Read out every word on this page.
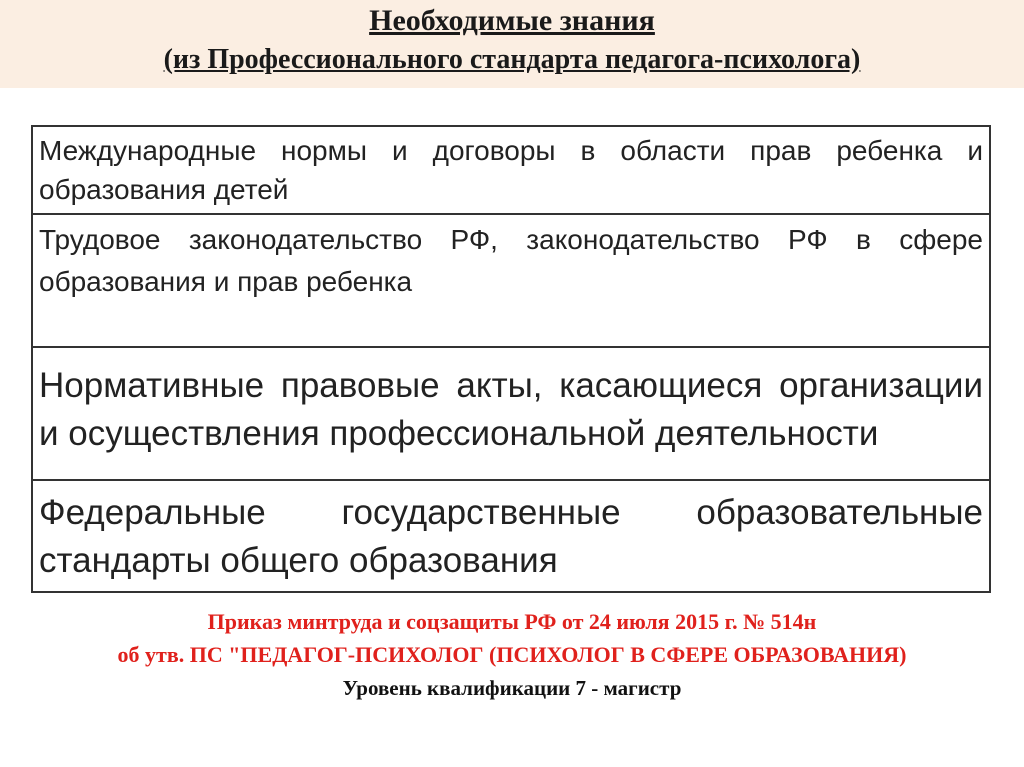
Необходимые знания
(из Профессионального стандарта педагога-психолога)
Международные нормы и договоры в области прав ребенка и образования детей
Трудовое законодательство РФ, законодательство РФ в сфере образования и прав ребенка
Нормативные правовые акты, касающиеся организации и осуществления профессиональной деятельности
Федеральные государственные образовательные
стандарты общего образования

Приказ минтруда и соцзащиты РФ от 24 июля 2015 г. № 514н

об утв. ПС "ПЕДАГОГ-ПСИХОЛОГ (ПСИХОЛОГ В СФЕРЕ ОБРАЗОВАНИЯ)

Уровень квалификации 7 - магистр
